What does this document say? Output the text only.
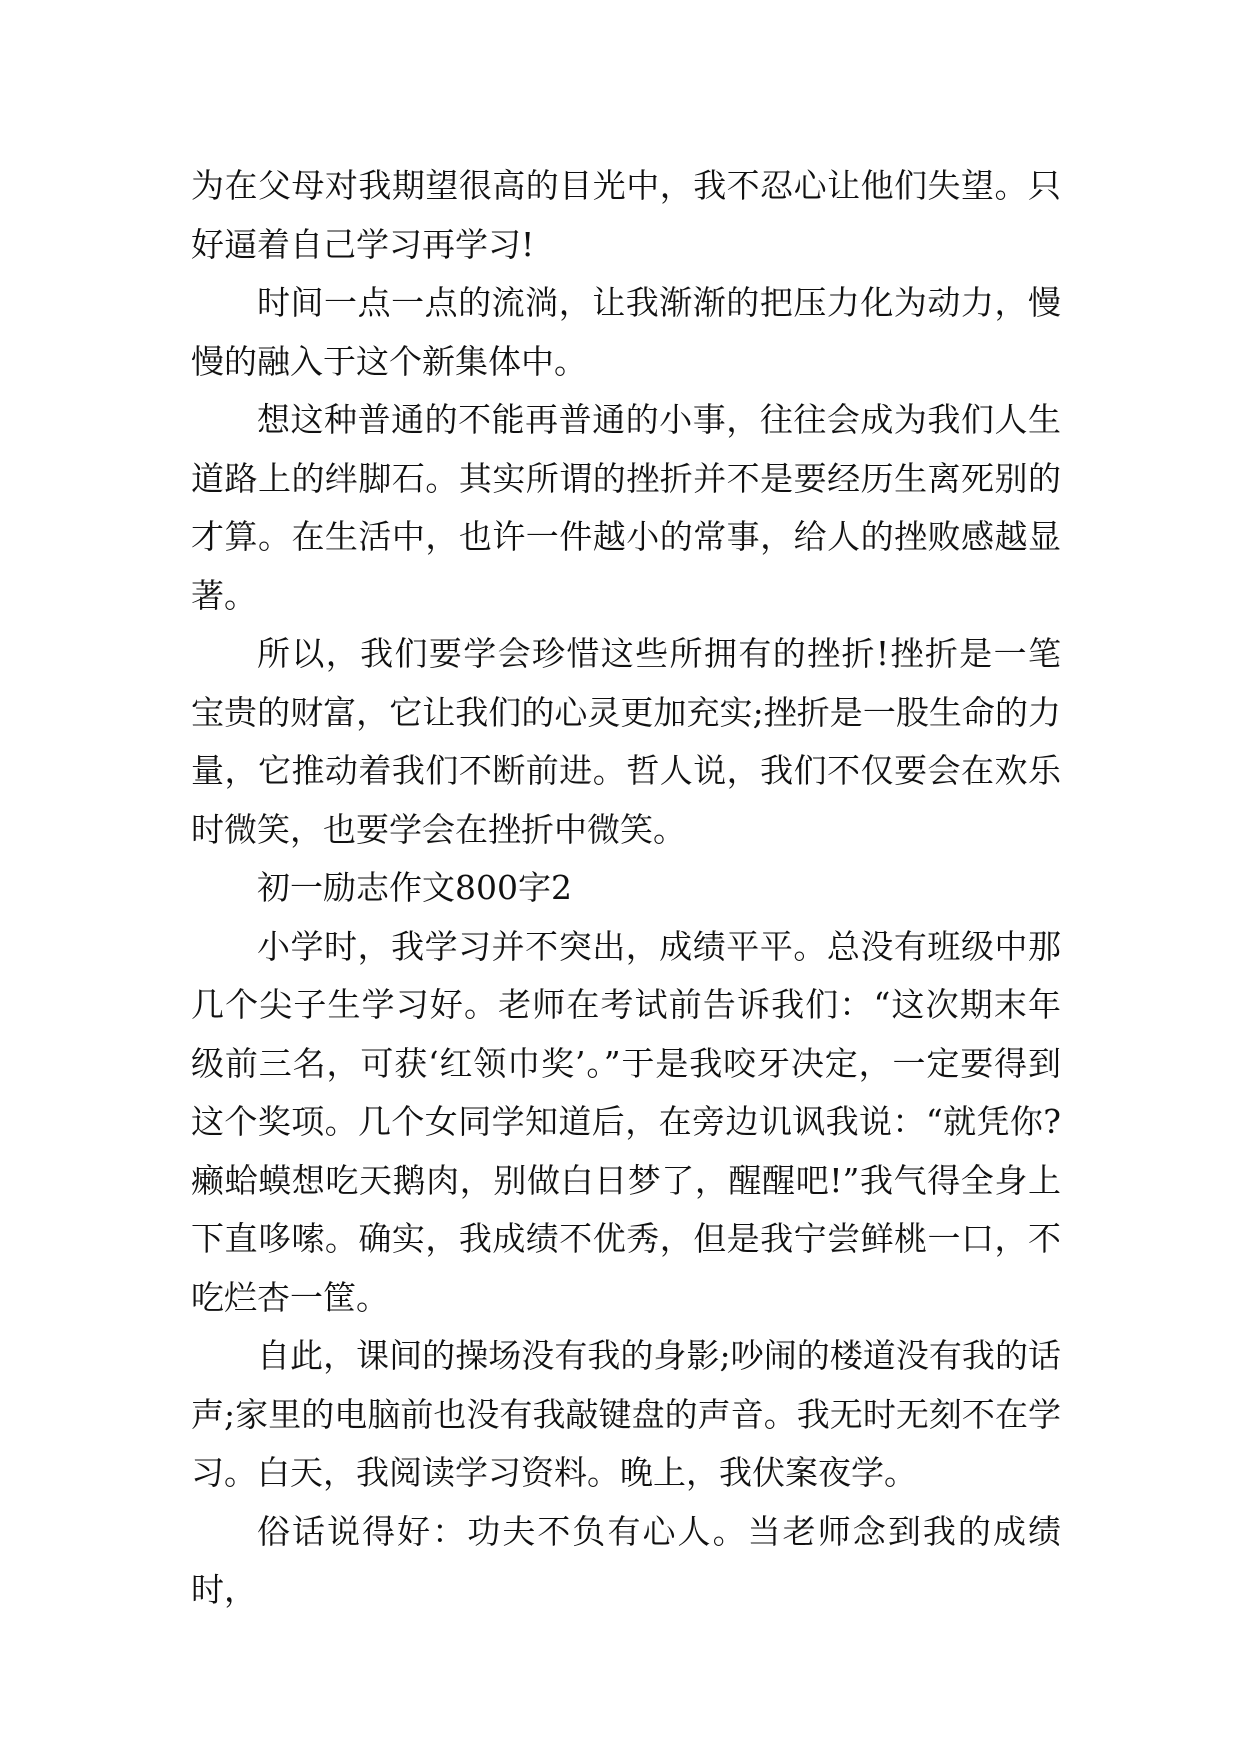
为在父母对我期望很高的目光中，我不忍心让他们失望。只好逼着自己学习再学习!

时间一点一点的流淌，让我渐渐的把压力化为动力，慢慢的融入于这个新集体中。

想这种普通的不能再普通的小事，往往会成为我们人生道路上的绊脚石。其实所谓的挫折并不是要经历生离死别的才算。在生活中，也许一件越小的常事，给人的挫败感越显著。

所以，我们要学会珍惜这些所拥有的挫折!挫折是一笔宝贵的财富，它让我们的心灵更加充实;挫折是一股生命的力量，它推动着我们不断前进。哲人说，我们不仅要会在欢乐时微笑，也要学会在挫折中微笑。

初一励志作文800字2

小学时，我学习并不突出，成绩平平。总没有班级中那几个尖子生学习好。老师在考试前告诉我们：“这次期末年级前三名，可获‘红领巾奖’。”于是我咬牙决定，一定要得到这个奖项。几个女同学知道后，在旁边讥讽我说：“就凭你?癞蛤蟆想吃天鹅肉，别做白日梦了，醒醒吧!”我气得全身上下直哆嗦。确实，我成绩不优秀，但是我宁尝鲜桃一口，不吃烂杏一筐。

自此，课间的操场没有我的身影;吵闹的楼道没有我的话声;家里的电脑前也没有我敲键盘的声音。我无时无刻不在学习。白天，我阅读学习资料。晚上，我伏案夜学。

俗话说得好：功夫不负有心人。当老师念到我的成绩时，
